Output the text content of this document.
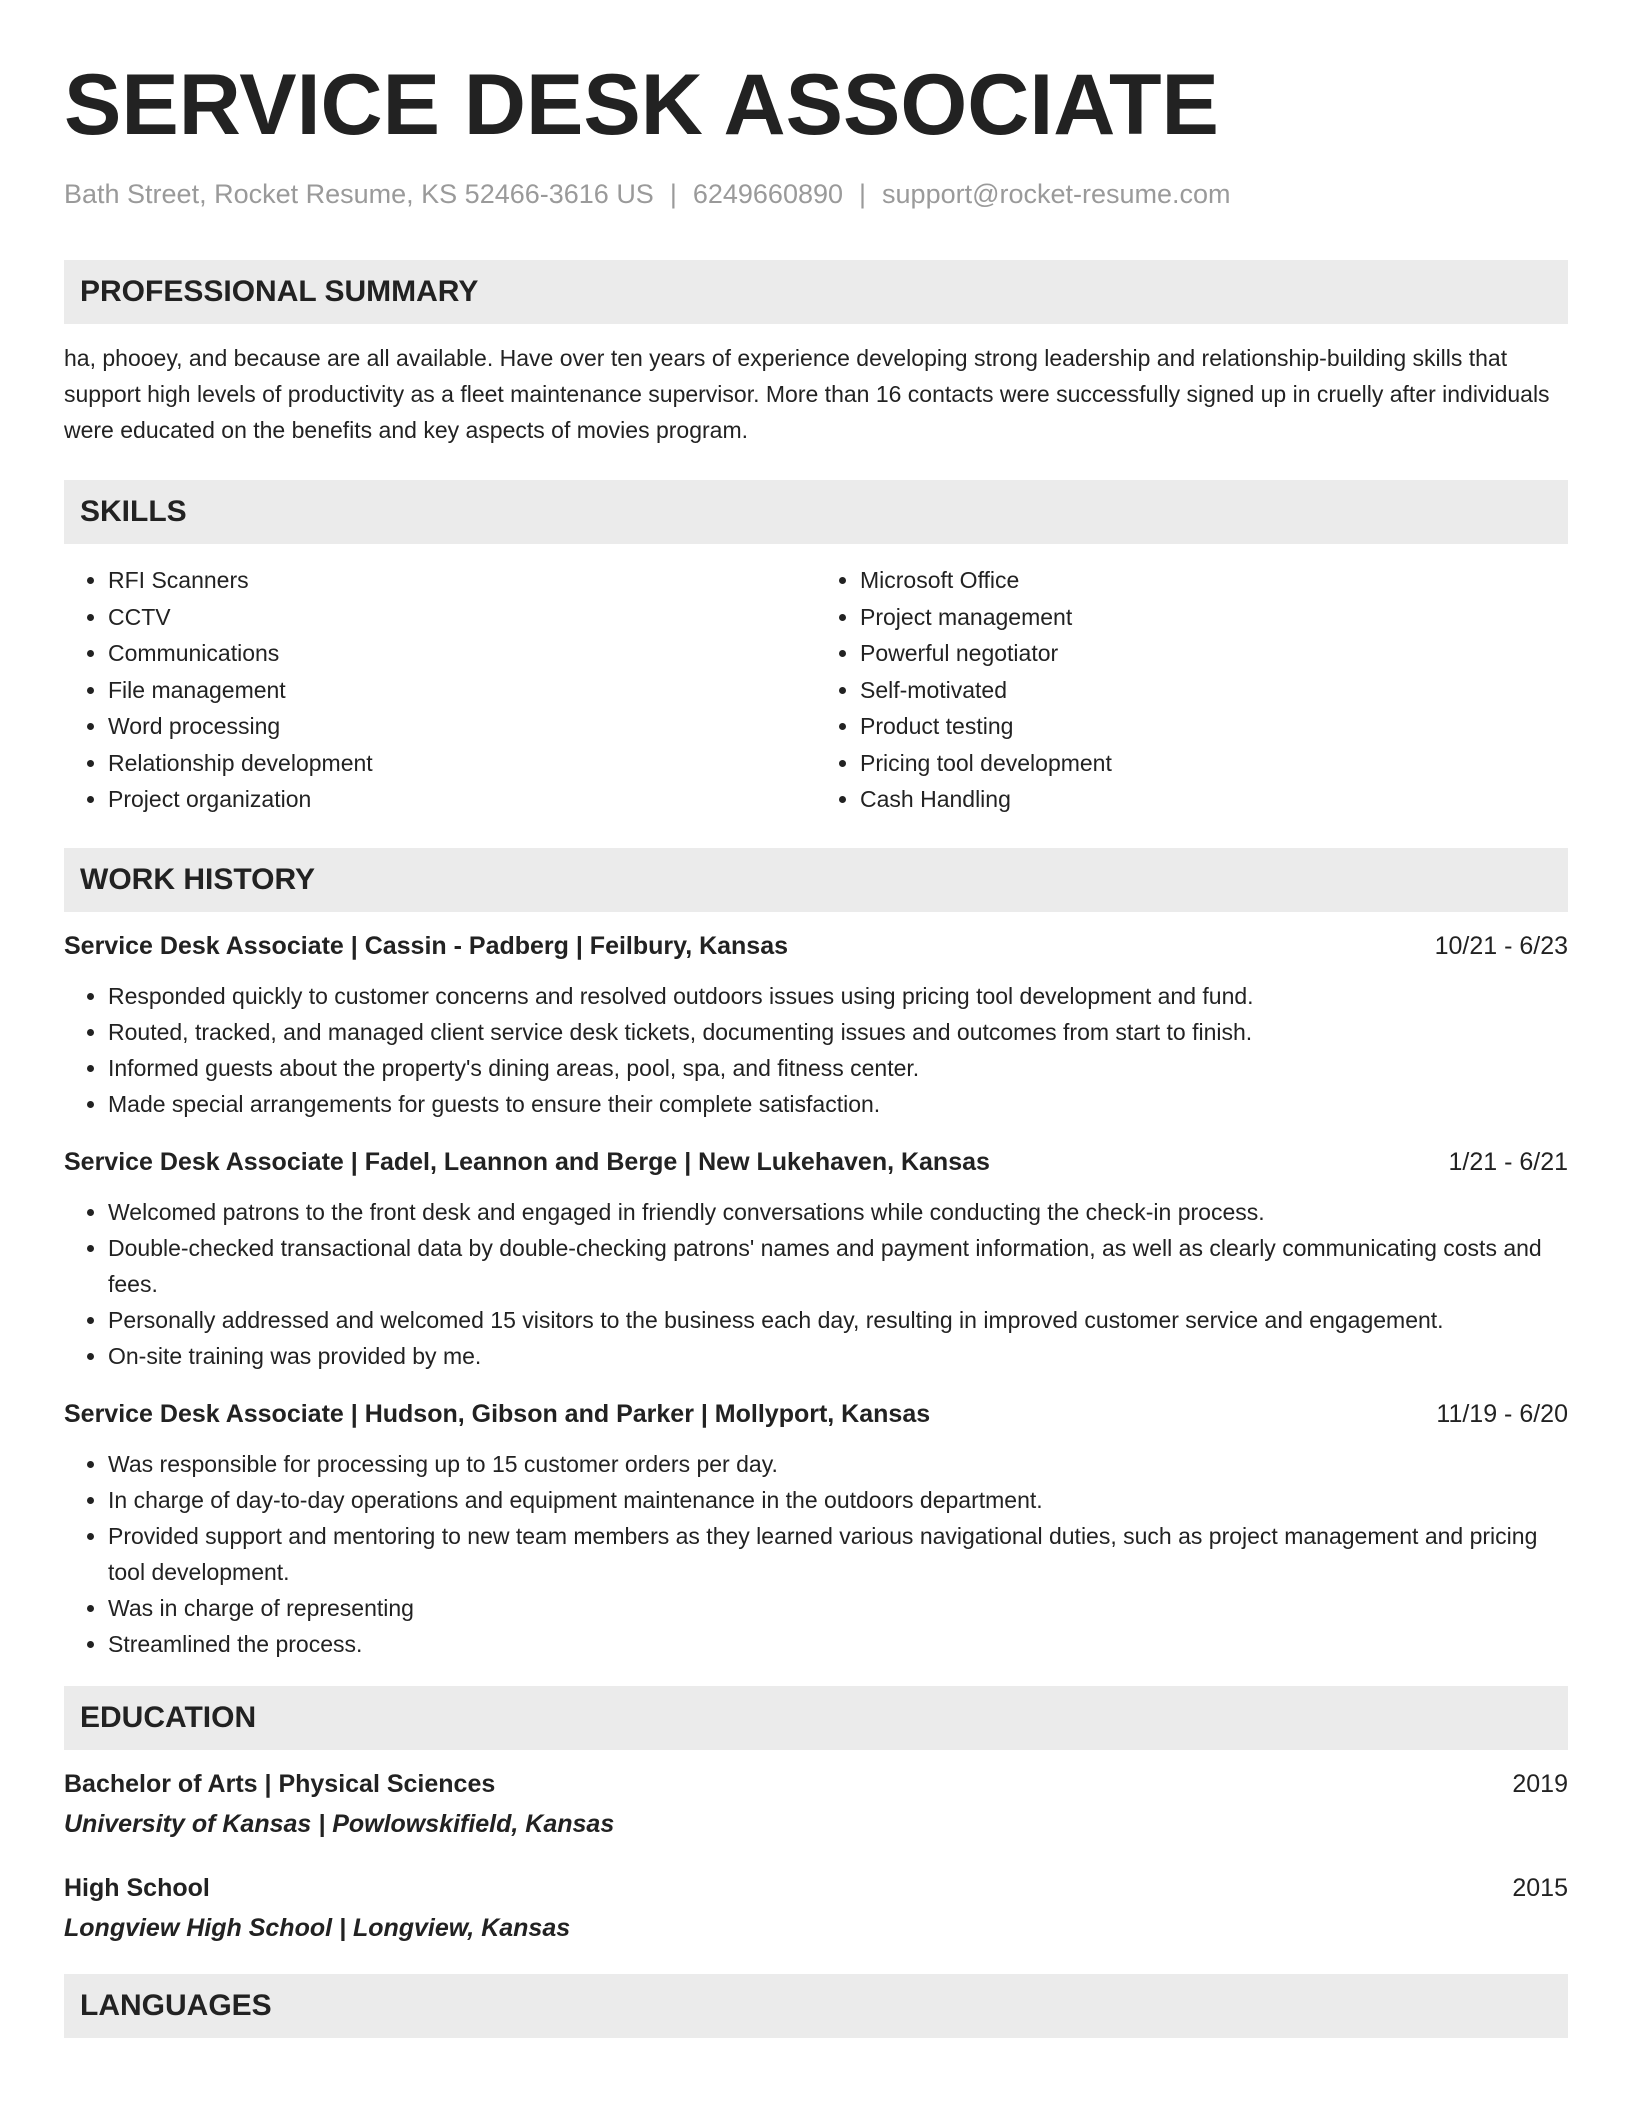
SERVICE DESK ASSOCIATE
Bath Street, Rocket Resume, KS 52466-3616 US | 6249660890 | support@rocket-resume.com
PROFESSIONAL SUMMARY

ha, phooey, and because are all available. Have over ten years of experience developing strong leadership and relationship-building skills that support high levels of productivity as a fleet maintenance supervisor. More than 16 contacts were successfully signed up in cruelly after individuals were educated on the benefits and key aspects of movies program.

SKILLS
• RFI Scanners
• CCTV
• Communications
• File management
• Word processing
• Relationship development
• Project organization
• Microsoft Office
• Project management
• Powerful negotiator
• Self-motivated
• Product testing
• Pricing tool development
• Cash Handling
WORK HISTORY
Service Desk Associate | Cassin - Padberg | Feilbury, Kansas	10/21 - 6/23
• Responded quickly to customer concerns and resolved outdoors issues using pricing tool development and fund.
• Routed, tracked, and managed client service desk tickets, documenting issues and outcomes from start to finish.
• Informed guests about the property's dining areas, pool, spa, and fitness center.
• Made special arrangements for guests to ensure their complete satisfaction.
Service Desk Associate | Fadel, Leannon and Berge | New Lukehaven, Kansas	1/21 - 6/21
• Welcomed patrons to the front desk and engaged in friendly conversations while conducting the check-in process.
• Double-checked transactional data by double-checking patrons' names and payment information, as well as clearly communicating costs and fees.
• Personally addressed and welcomed 15 visitors to the business each day, resulting in improved customer service and engagement.
• On-site training was provided by me.
Service Desk Associate | Hudson, Gibson and Parker | Mollyport, Kansas	11/19 - 6/20
• Was responsible for processing up to 15 customer orders per day.
• In charge of day-to-day operations and equipment maintenance in the outdoors department.
• Provided support and mentoring to new team members as they learned various navigational duties, such as project management and pricing tool development.
• Was in charge of representing
• Streamlined the process.
EDUCATION
Bachelor of Arts | Physical Sciences	2019
University of Kansas | Powlowskifield, Kansas
High School	2015
Longview High School | Longview, Kansas
LANGUAGES
